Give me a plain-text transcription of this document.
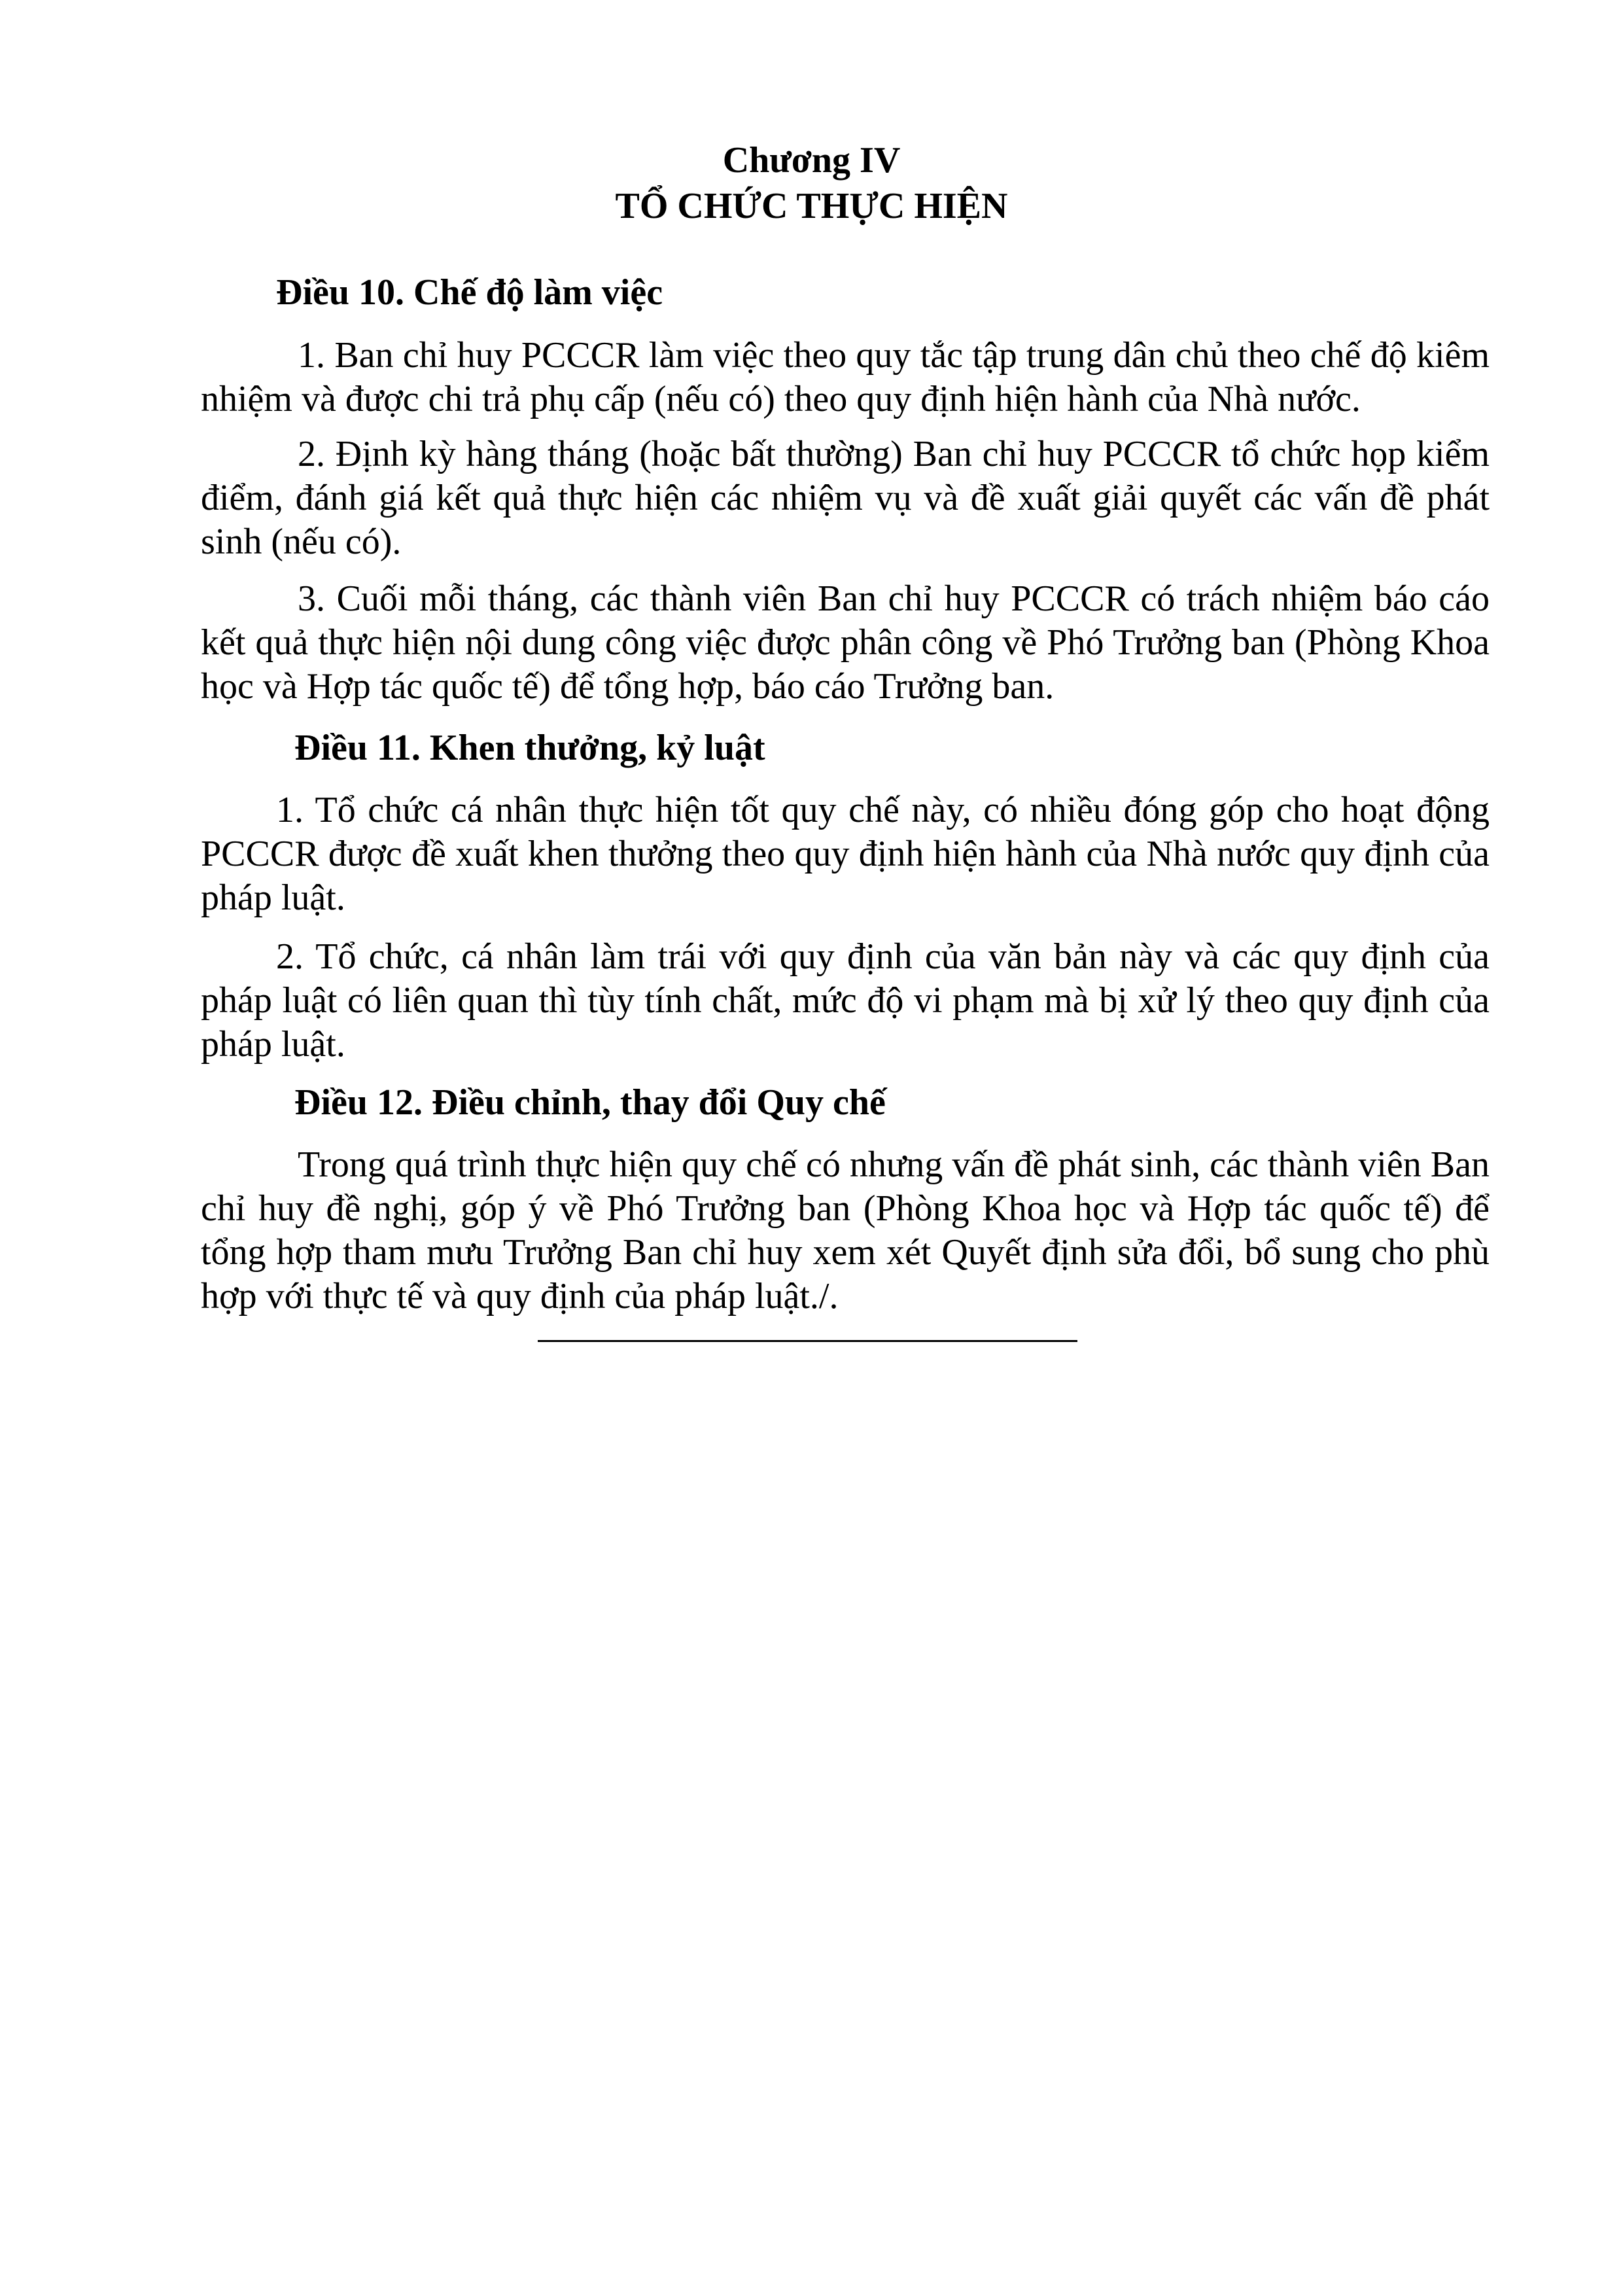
Chương IV
TỔ CHỨC THỰC HIỆN
Điều 10. Chế độ làm việc
1. Ban chỉ huy PCCCR làm việc theo quy tắc tập trung dân chủ theo chế độ kiêm nhiệm và được chi trả phụ cấp (nếu có) theo quy định hiện hành của Nhà nước.
2. Định kỳ hàng tháng (hoặc bất thường) Ban chỉ huy PCCCR tổ chức họp kiểm điểm, đánh giá kết quả thực hiện các nhiệm vụ và đề xuất giải quyết các vấn đề phát sinh (nếu có).
3. Cuối mỗi tháng, các thành viên Ban chỉ huy PCCCR có trách nhiệm báo cáo kết quả thực hiện nội dung công việc được phân công về Phó Trưởng ban (Phòng Khoa học và Hợp tác quốc tế) để tổng hợp, báo cáo Trưởng ban.
Điều 11. Khen thưởng, kỷ luật
1. Tổ chức cá nhân thực hiện tốt quy chế này, có nhiều đóng góp cho hoạt động PCCCR được đề xuất khen thưởng theo quy định hiện hành của Nhà nước quy định của pháp luật.
2. Tổ chức, cá nhân làm trái với quy định của văn bản này và các quy định của pháp luật có liên quan thì tùy tính chất, mức độ vi phạm mà bị xử lý theo quy định của pháp luật.
Điều 12. Điều chỉnh, thay đổi Quy chế
Trong quá trình thực hiện quy chế có nhưng vấn đề phát sinh, các thành viên Ban chỉ huy đề nghị, góp ý về Phó Trưởng ban (Phòng Khoa học và Hợp tác quốc tế) để tổng hợp tham mưu Trưởng Ban chỉ huy xem xét Quyết định sửa đổi, bổ sung cho phù hợp với thực tế và quy định của pháp luật./.
